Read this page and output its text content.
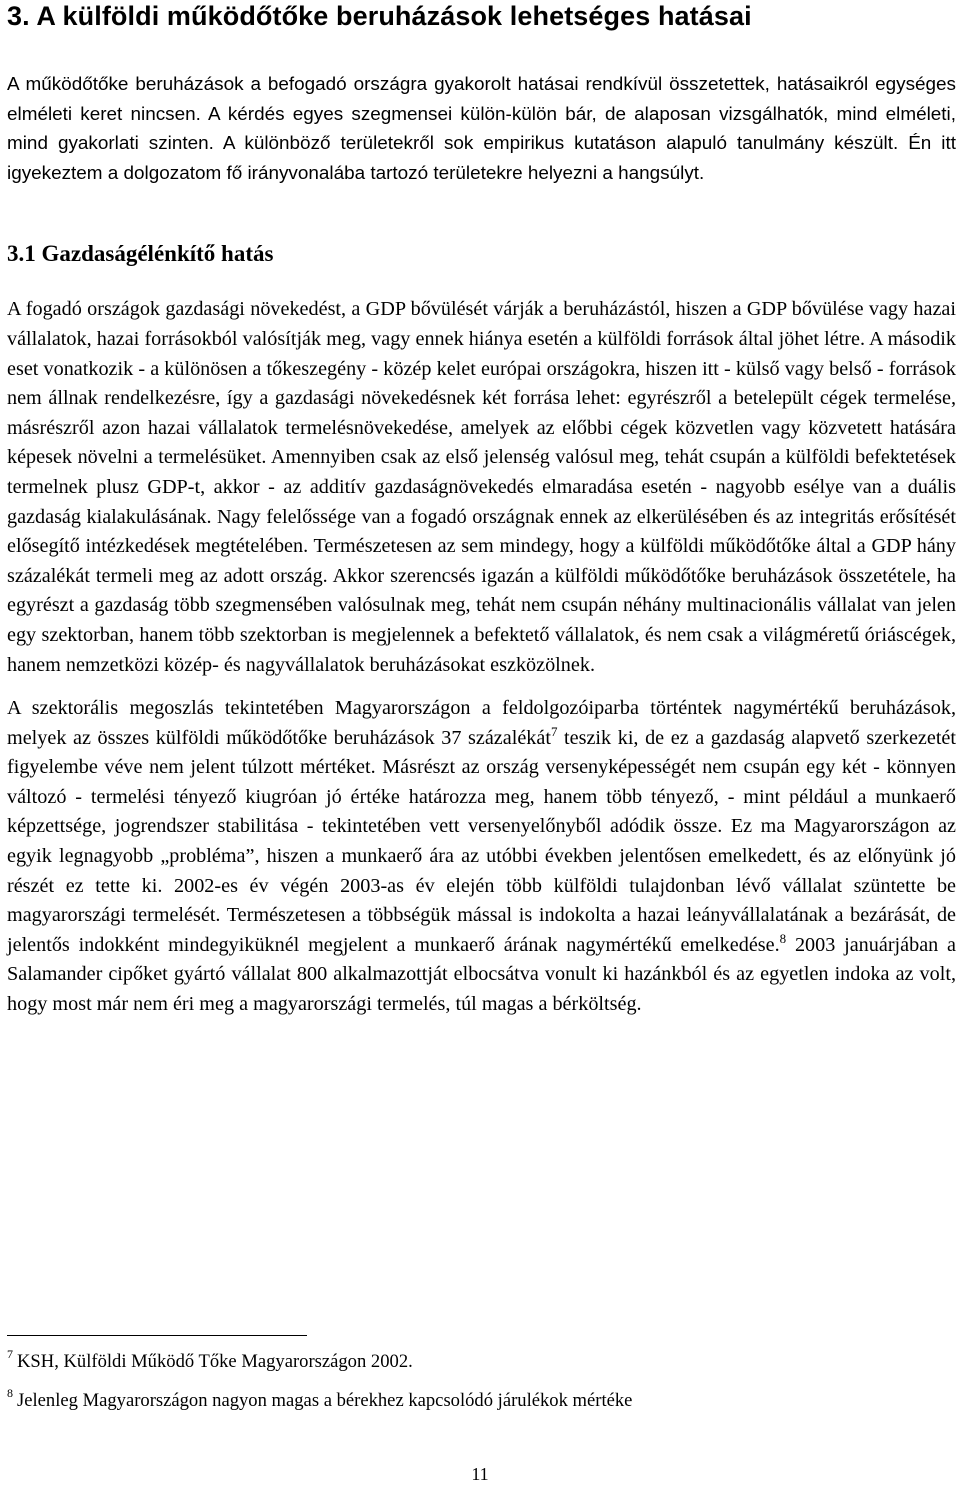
3. A külföldi működőtőke beruházások lehetséges hatásai

A működőtőke beruházások a befogadó országra gyakorolt hatásai rendkívül összetettek, hatásaikról egységes elméleti keret nincsen. A kérdés egyes szegmensei külön-külön bár, de alaposan vizsgálhatók, mind elméleti, mind gyakorlati szinten. A különböző területekről sok empirikus kutatáson alapuló tanulmány készült. Én itt igyekeztem a dolgozatom fő irányvonalába tartozó területekre helyezni a hangsúlyt.

3.1 Gazdaságélénkítő hatás

A fogadó országok gazdasági növekedést, a GDP bővülését várják a beruházástól, hiszen a GDP bővülése vagy hazai vállalatok, hazai forrásokból valósítják meg, vagy ennek hiánya esetén a külföldi források által jöhet létre. A második eset vonatkozik - a különösen a tőkeszegény - közép kelet európai országokra, hiszen itt - külső vagy belső - források nem állnak rendelkezésre, így a gazdasági növekedésnek két forrása lehet: egyrészről a betelepült cégek termelése, másrészről azon hazai vállalatok termelésnövekedése, amelyek az előbbi cégek közvetlen vagy közvetett hatására képesek növelni a termelésüket. Amennyiben csak az első jelenség valósul meg, tehát csupán a külföldi befektetések termelnek plusz GDP-t, akkor - az additív gazdaságnövekedés elmaradása esetén - nagyobb esélye van a duális gazdaság kialakulásának. Nagy felelőssége van a fogadó országnak ennek az elkerülésében és az integritás erősítését elősegítő intézkedések megtételében. Természetesen az sem mindegy, hogy a külföldi működőtőke által a GDP hány százalékát termeli meg az adott ország. Akkor szerencsés igazán a külföldi működőtőke beruházások összetétele, ha egyrészt a gazdaság több szegmensében valósulnak meg, tehát nem csupán néhány multinacionális vállalat van jelen egy szektorban, hanem több szektorban is megjelennek a befektető vállalatok, és nem csak a világméretű óriáscégek, hanem nemzetközi közép- és nagyvállalatok beruházásokat eszközölnek.

A szektorális megoszlás tekintetében Magyarországon a feldolgozóiparba történtek nagymértékű beruházások, melyek az összes külföldi működőtőke beruházások 37 százalékát$^7$ teszik ki, de ez a gazdaság alapvető szerkezetét figyelembe véve nem jelent túlzott mértéket. Másrészt az ország versenyképességét nem csupán egy két - könnyen változó - termelési tényező kiugróan jó értéke határozza meg, hanem több tényező, - mint például a munkaerő képzettsége, jogrendszer stabilitása - tekintetében vett versenyelőnyből adódik össze. Ez ma Magyarországon az egyik legnagyobb „probléma”, hiszen a munkaerő ára az utóbbi években jelentősen emelkedett, és az előnyünk jó részét ez tette ki. 2002-es év végén 2003-as év elején több külföldi tulajdonban lévő vállalat szüntette be magyarországi termelését. Természetesen a többségük mással is indokolta a hazai leányvállalatának a bezárását, de jelentős indokként mindegyiküknél megjelent a munkaerő árának nagymértékű emelkedése.$^8$ 2003 januárjában a Salamander cipőket gyártó vállalat 800 alkalmazottját elbocsátva vonult ki hazánkból és az egyetlen indoka az volt, hogy most már nem éri meg a magyarországi termelés, túl magas a bérköltség.

$^7$ KSH, Külföldi Működő Tőke Magyarországon 2002.
$^8$ Jelenleg Magyarországon nagyon magas a bérekhez kapcsolódó járulékok mértéke
11
